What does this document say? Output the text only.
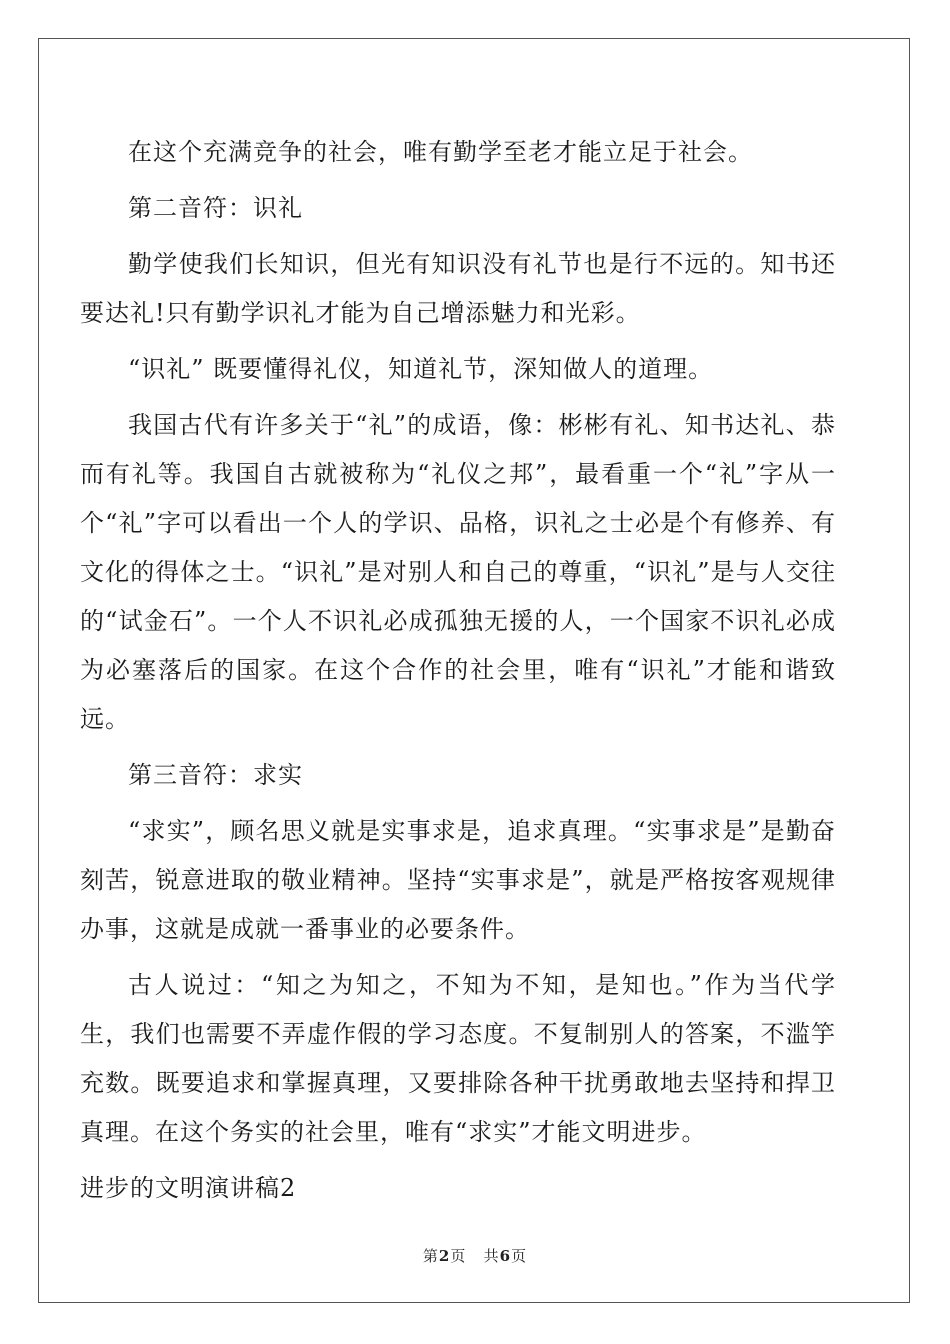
在这个充满竞争的社会，唯有勤学至老才能立足于社会。

第二音符：识礼

勤学使我们长知识，但光有知识没有礼节也是行不远的。知书还要达礼!只有勤学识礼才能为自己增添魅力和光彩。

“识礼” 既要懂得礼仪，知道礼节，深知做人的道理。

我国古代有许多关于“礼”的成语，像：彬彬有礼、知书达礼、恭而有礼等。我国自古就被称为“礼仪之邦”，最看重一个“礼”字从一个“礼”字可以看出一个人的学识、品格，识礼之士必是个有修养、有文化的得体之士。“识礼”是对别人和自己的尊重，“识礼”是与人交往的“试金石”。一个人不识礼必成孤独无援的人，一个国家不识礼必成为必塞落后的国家。在这个合作的社会里，唯有“识礼”才能和谐致远。

第三音符：求实

“求实”，顾名思义就是实事求是，追求真理。“实事求是”是勤奋刻苦，锐意进取的敬业精神。坚持“实事求是”，就是严格按客观规律办事，这就是成就一番事业的必要条件。

古人说过：“知之为知之，不知为不知，是知也。”作为当代学生，我们也需要不弄虚作假的学习态度。不复制别人的答案，不滥竽充数。既要追求和掌握真理，又要排除各种干扰勇敢地去坚持和捍卫真理。在这个务实的社会里，唯有“求实”才能文明进步。

进步的文明演讲稿2

第2页 共6页
